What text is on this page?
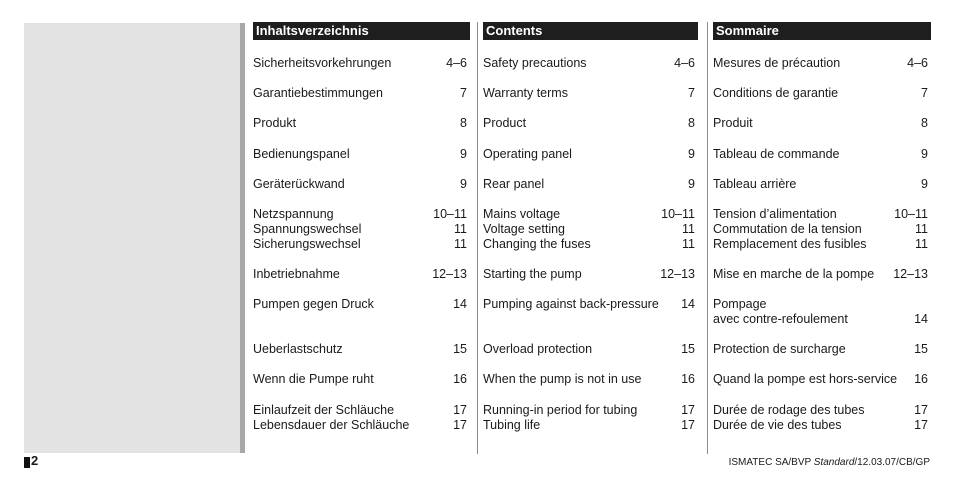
Inhaltsverzeichnis
Sicherheitsvorkehrungen	4–6
Garantiebestimmungen	7
Produkt	8
Bedienungspanel	9
Geräterückwand	9
Netzspannung	10–11
Spannungswechsel	11
Sicherungswechsel	11
Inbetriebnahme	12–13
Pumpen gegen Druck	14
Ueberlastschutz	15
Wenn die Pumpe ruht	16
Einlaufzeit der Schläuche	17
Lebensdauer der Schläuche	17
Contents
Safety precautions	4–6
Warranty terms	7
Product	8
Operating panel	9
Rear panel	9
Mains voltage	10–11
Voltage setting	11
Changing the fuses	11
Starting the pump	12–13
Pumping against back-pressure 14
Overload protection	15
When the pump is not in use	16
Running-in period for tubing	17
Tubing life	17
Sommaire
Mesures de précaution	4–6
Conditions de garantie	7
Produit	8
Tableau de commande	9
Tableau arrière	9
Tension d’alimentation	10–11
Commutation de la tension	11
Remplacement des fusibles	11
Mise en marche de la pompe 12–13
Pompage
avec contre-refoulement	14
Protection de surcharge	15
Quand la pompe est hors-service 16
Durée de rodage des tubes	17
Durée de vie des tubes	17
2	ISMATEC SA/BVP Standard/12.03.07/CB/GP
